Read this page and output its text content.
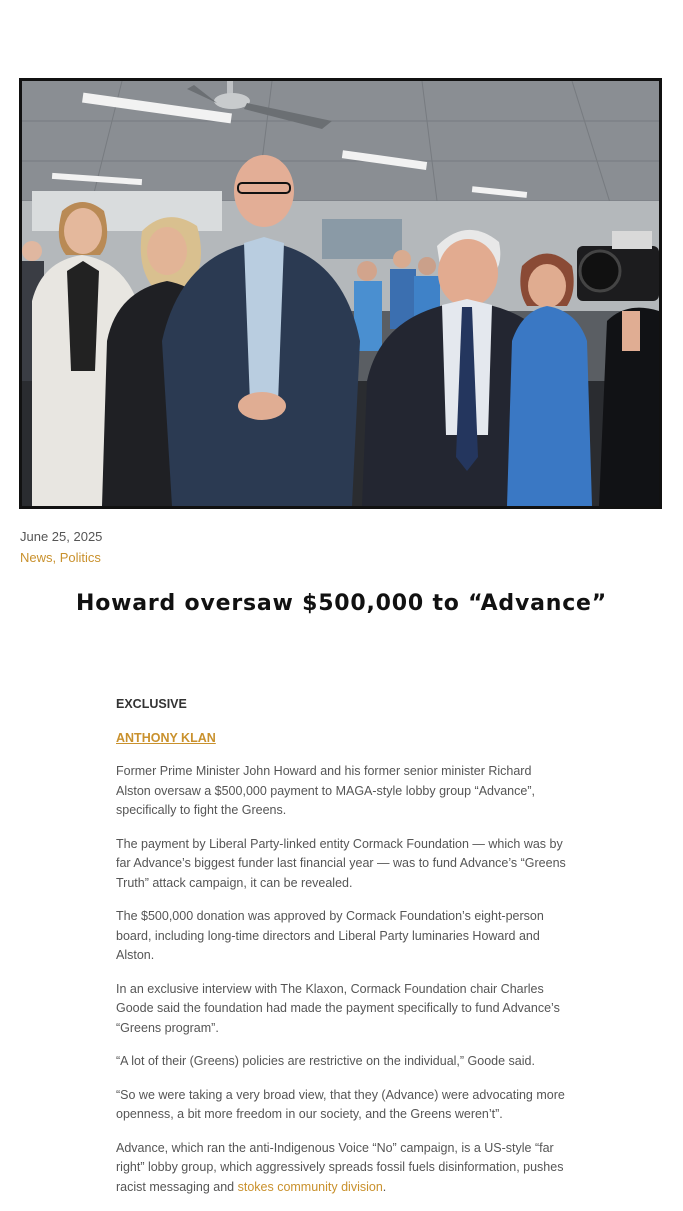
June 25, 2025
News, Politics
Howard oversaw $500,000 to “Advance”
EXCLUSIVE
ANTHONY KLAN

Former Prime Minister John Howard and his former senior minister Richard Alston oversaw a $500,000 payment to MAGA-style lobby group “Advance”, specifically to fight the Greens.

The payment by Liberal Party-linked entity Cormack Foundation — which was by far Advance’s biggest funder last financial year — was to fund Advance’s “Greens Truth” attack campaign, it can be revealed.

The $500,000 donation was approved by Cormack Foundation’s eight-person board, including long-time directors and Liberal Party luminaries Howard and Alston.

In an exclusive interview with The Klaxon, Cormack Foundation chair Charles Goode said the foundation had made the payment specifically to fund Advance’s “Greens program”.

“A lot of their (Greens) policies are restrictive on the individual,” Goode said.

“So we were taking a very broad view, that they (Advance) were advocating more openness, a bit more freedom in our society, and the Greens weren’t”.

Advance, which ran the anti-Indigenous Voice “No” campaign, is a US-style “far right” lobby group, which aggressively spreads fossil fuels disinformation, pushes racist messaging and stokes community division.
